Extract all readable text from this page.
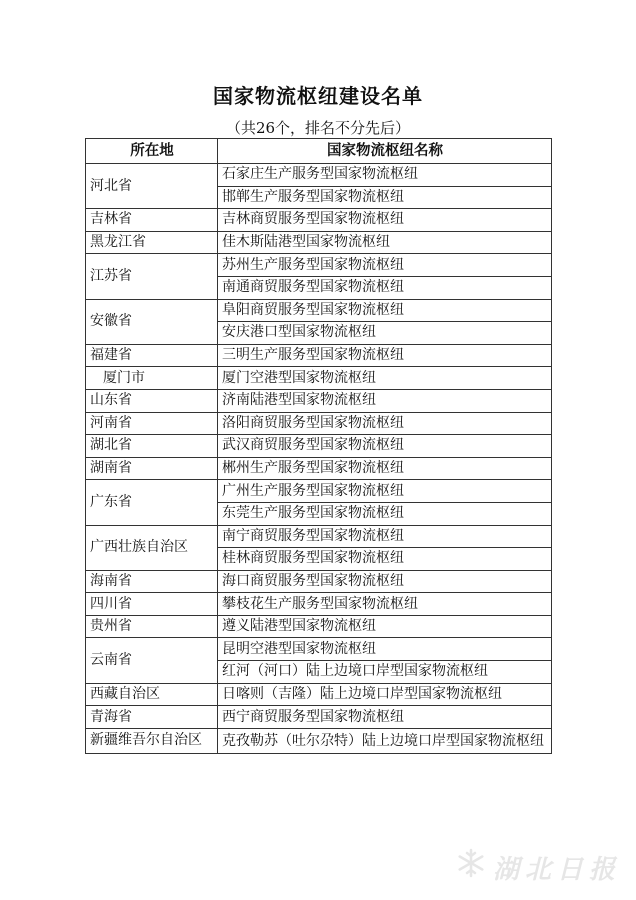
国家物流枢纽建设名单
（共26个，排名不分先后）
所在地	国家物流枢纽名称
河北省	石家庄生产服务型国家物流枢纽
	邯郸生产服务型国家物流枢纽
吉林省	吉林商贸服务型国家物流枢纽
黑龙江省	佳木斯陆港型国家物流枢纽
江苏省	苏州生产服务型国家物流枢纽
	南通商贸服务型国家物流枢纽
安徽省	阜阳商贸服务型国家物流枢纽
	安庆港口型国家物流枢纽
福建省	三明生产服务型国家物流枢纽
厦门市	厦门空港型国家物流枢纽
山东省	济南陆港型国家物流枢纽
河南省	洛阳商贸服务型国家物流枢纽
湖北省	武汉商贸服务型国家物流枢纽
湖南省	郴州生产服务型国家物流枢纽
广东省	广州生产服务型国家物流枢纽
	东莞生产服务型国家物流枢纽
广西壮族自治区	南宁商贸服务型国家物流枢纽
	桂林商贸服务型国家物流枢纽
海南省	海口商贸服务型国家物流枢纽
四川省	攀枝花生产服务型国家物流枢纽
贵州省	遵义陆港型国家物流枢纽
云南省	昆明空港型国家物流枢纽
	红河（河口）陆上边境口岸型国家物流枢纽
西藏自治区	日喀则（吉隆）陆上边境口岸型国家物流枢纽
青海省	西宁商贸服务型国家物流枢纽
新疆维吾尔自治区	克孜勒苏（吐尔尕特）陆上边境口岸型国家物流枢纽
湖北日报
